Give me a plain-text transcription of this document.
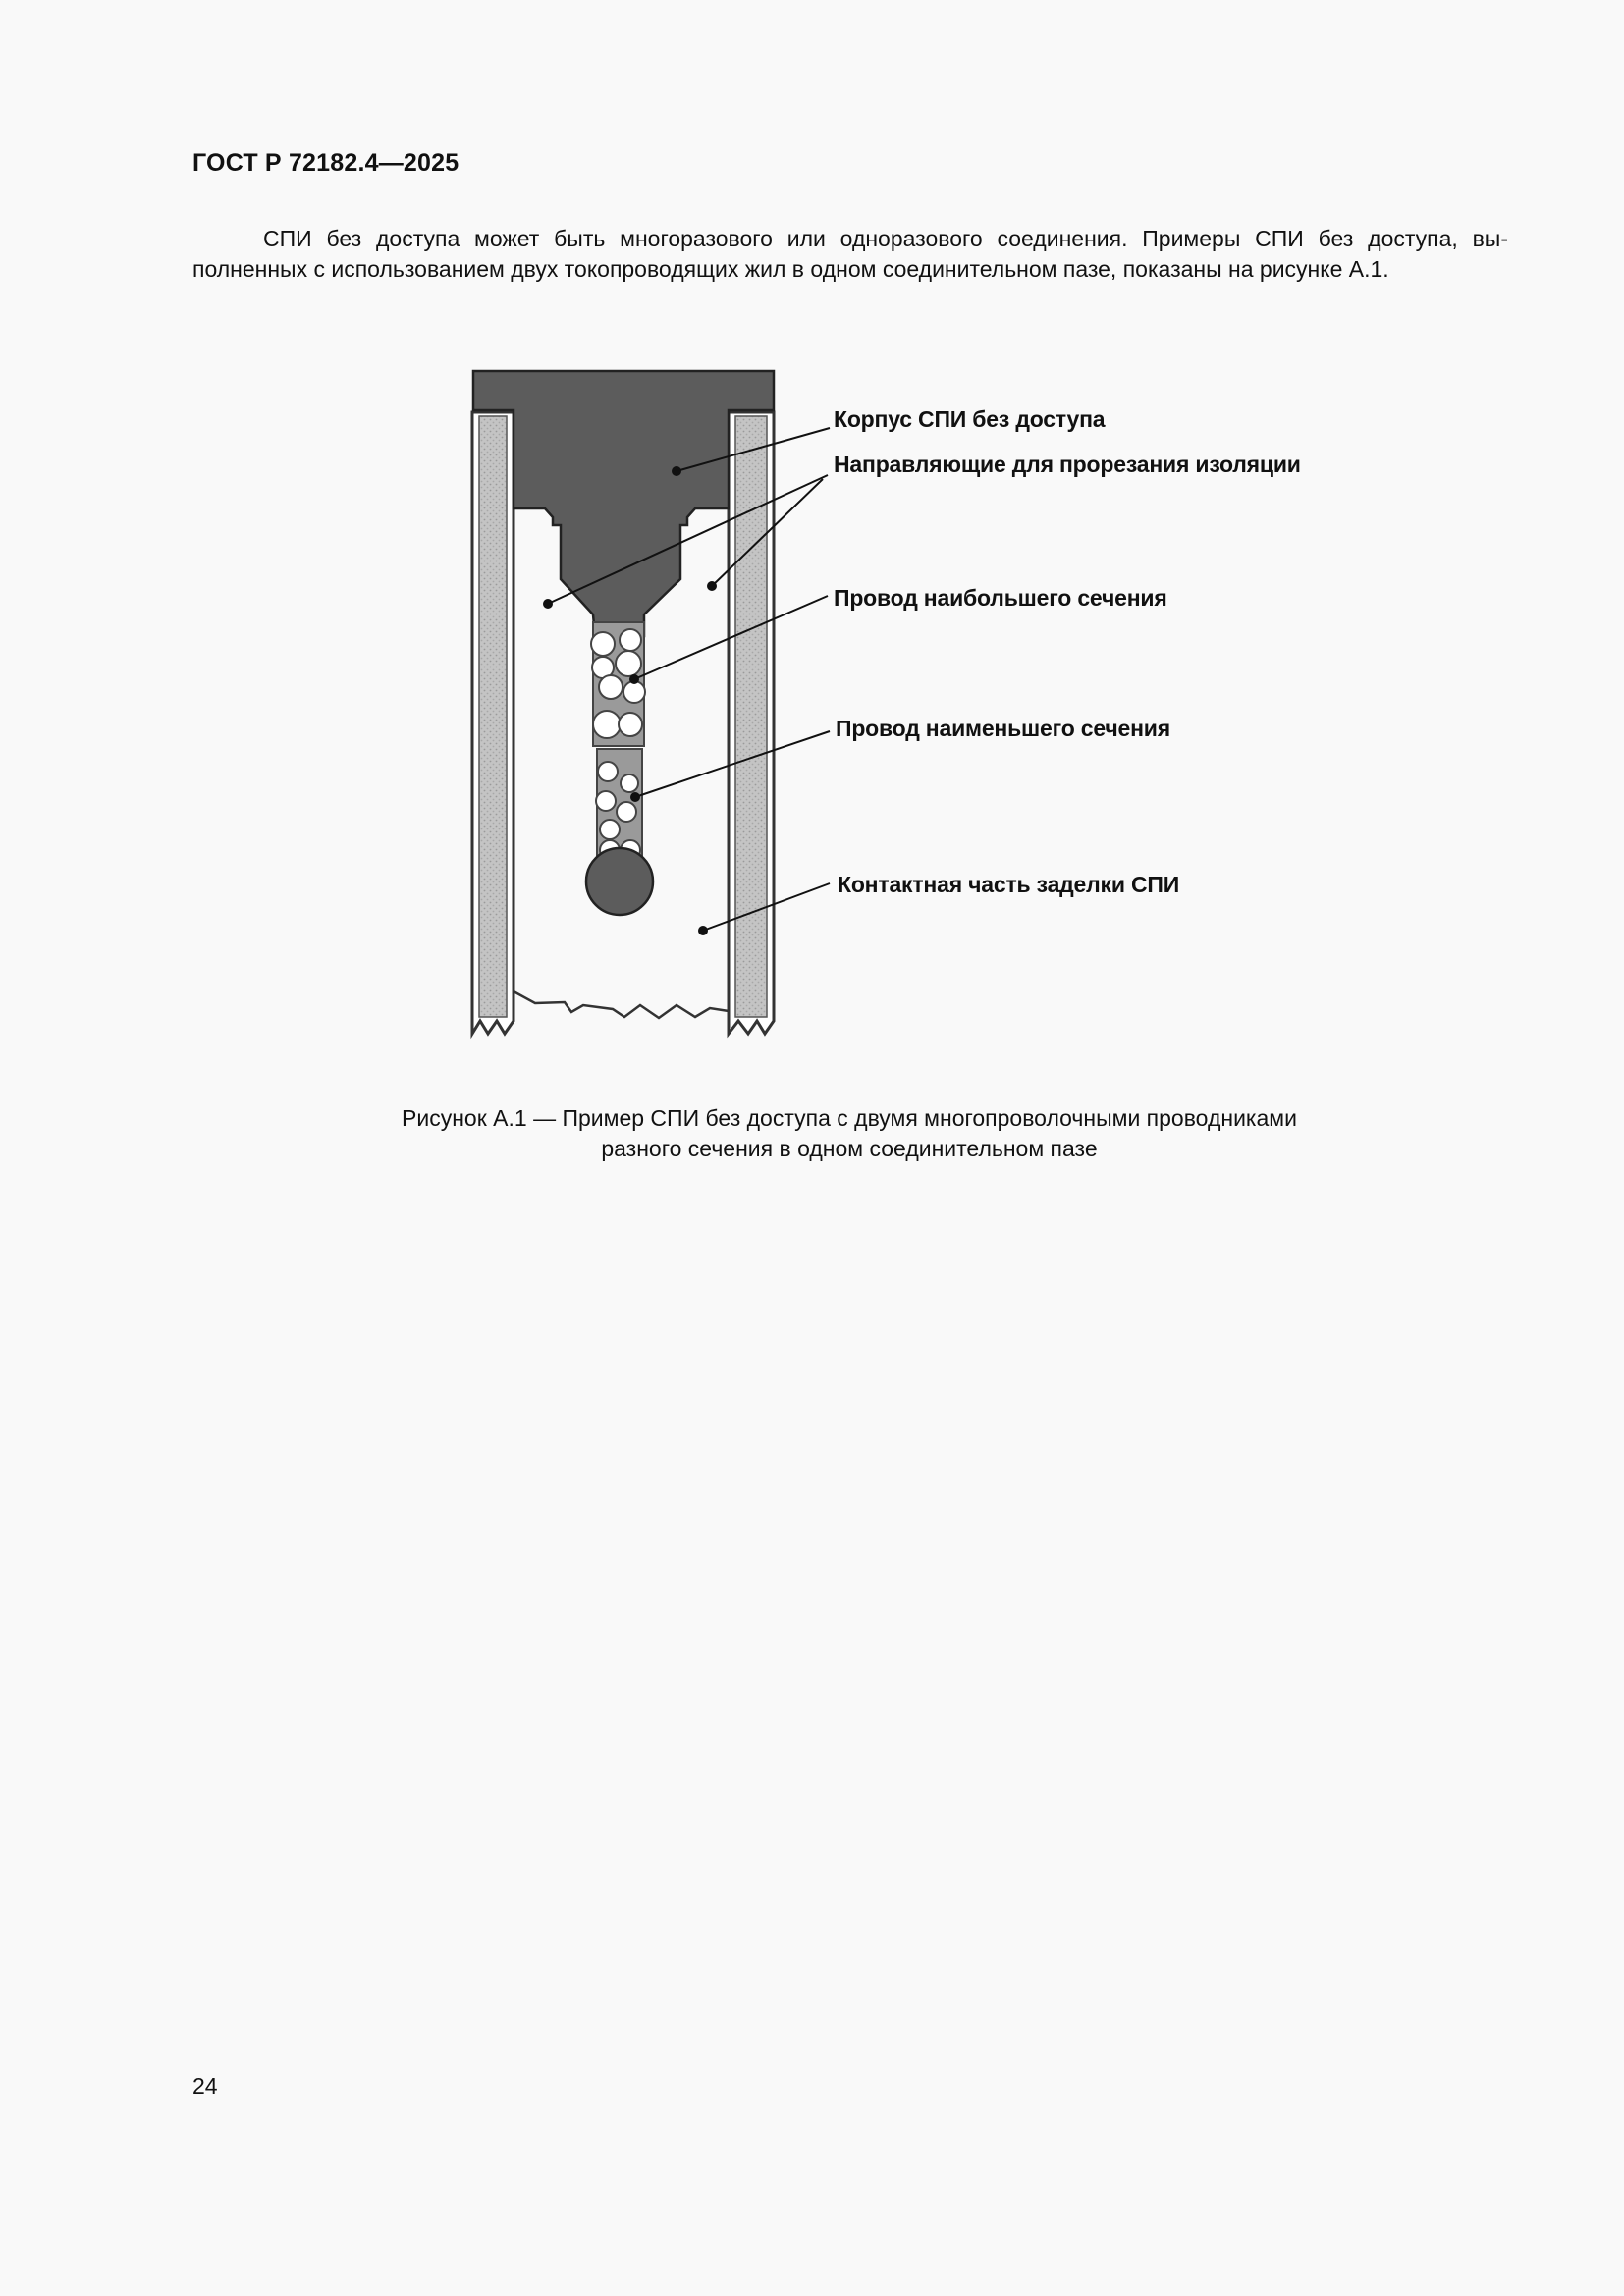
ГОСТ Р 72182.4—2025

СПИ без доступа может быть многоразового или одноразового соединения. Примеры СПИ без доступа, вы-

полненных с использованием двух токопроводящих жил в одном соединительном пазе, показаны на рисунке А.1.

Корпус СПИ без доступа
Направляющие для прорезания изоляции
Провод наибольшего сечения
Провод наименьшего сечения
Контактная часть заделки СПИ
Рисунок А.1 — Пример СПИ без доступа с двумя многопроволочными проводниками
разного сечения в одном соединительном пазе
24
